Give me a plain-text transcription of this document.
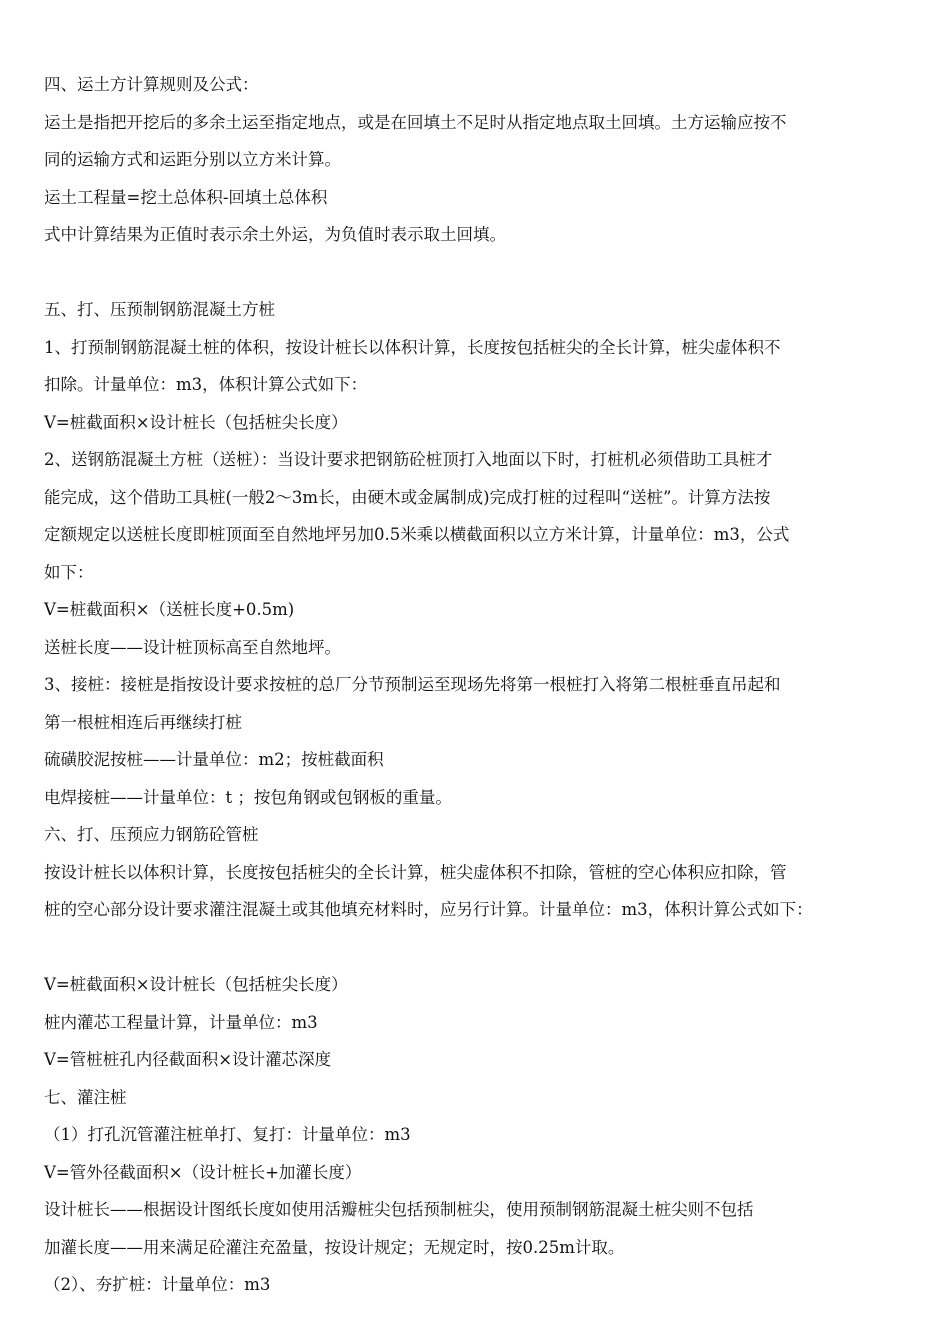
四、运土方计算规则及公式：
运土是指把开挖后的多余土运至指定地点，或是在回填土不足时从指定地点取土回填。土方运输应按不
同的运输方式和运距分别以立方米计算。
运土工程量=挖土总体积-回填土总体积
式中计算结果为正值时表示余土外运，为负值时表示取土回填。
五、打、压预制钢筋混凝土方桩
1、打预制钢筋混凝土桩的体积，按设计桩长以体积计算，长度按包括桩尖的全长计算，桩尖虚体积不
扣除。计量单位：m3，体积计算公式如下：
V=桩截面积×设计桩长（包括桩尖长度）
2、送钢筋混凝土方桩（送桩）：当设计要求把钢筋砼桩顶打入地面以下时，打桩机必须借助工具桩才
能完成，这个借助工具桩(一般2～3m长，由硬木或金属制成)完成打桩的过程叫“送桩”。计算方法按
定额规定以送桩长度即桩顶面至自然地坪另加0.5米乘以横截面积以立方米计算，计量单位：m3，公式
如下：
V=桩截面积×（送桩长度+0.5m)
送桩长度——设计桩顶标高至自然地坪。
3、接桩：接桩是指按设计要求按桩的总厂分节预制运至现场先将第一根桩打入将第二根桩垂直吊起和
第一根桩相连后再继续打桩
硫磺胶泥按桩——计量单位：m2；按桩截面积
电焊接桩——计量单位：t ；按包角钢或包钢板的重量。
六、打、压预应力钢筋砼管桩
按设计桩长以体积计算，长度按包括桩尖的全长计算，桩尖虚体积不扣除，管桩的空心体积应扣除，管
桩的空心部分设计要求灌注混凝土或其他填充材料时，应另行计算。计量单位：m3，体积计算公式如下：
V=桩截面积×设计桩长（包括桩尖长度）
桩内灌芯工程量计算，计量单位：m3
V=管桩桩孔内径截面积×设计灌芯深度
七、灌注桩
（1）打孔沉管灌注桩单打、复打：计量单位：m3
V=管外径截面积×（设计桩长+加灌长度）
设计桩长——根据设计图纸长度如使用活瓣桩尖包括预制桩尖，使用预制钢筋混凝土桩尖则不包括
加灌长度——用来满足砼灌注充盈量，按设计规定；无规定时，按0.25m计取。
（2）、夯扩桩：计量单位：m3
